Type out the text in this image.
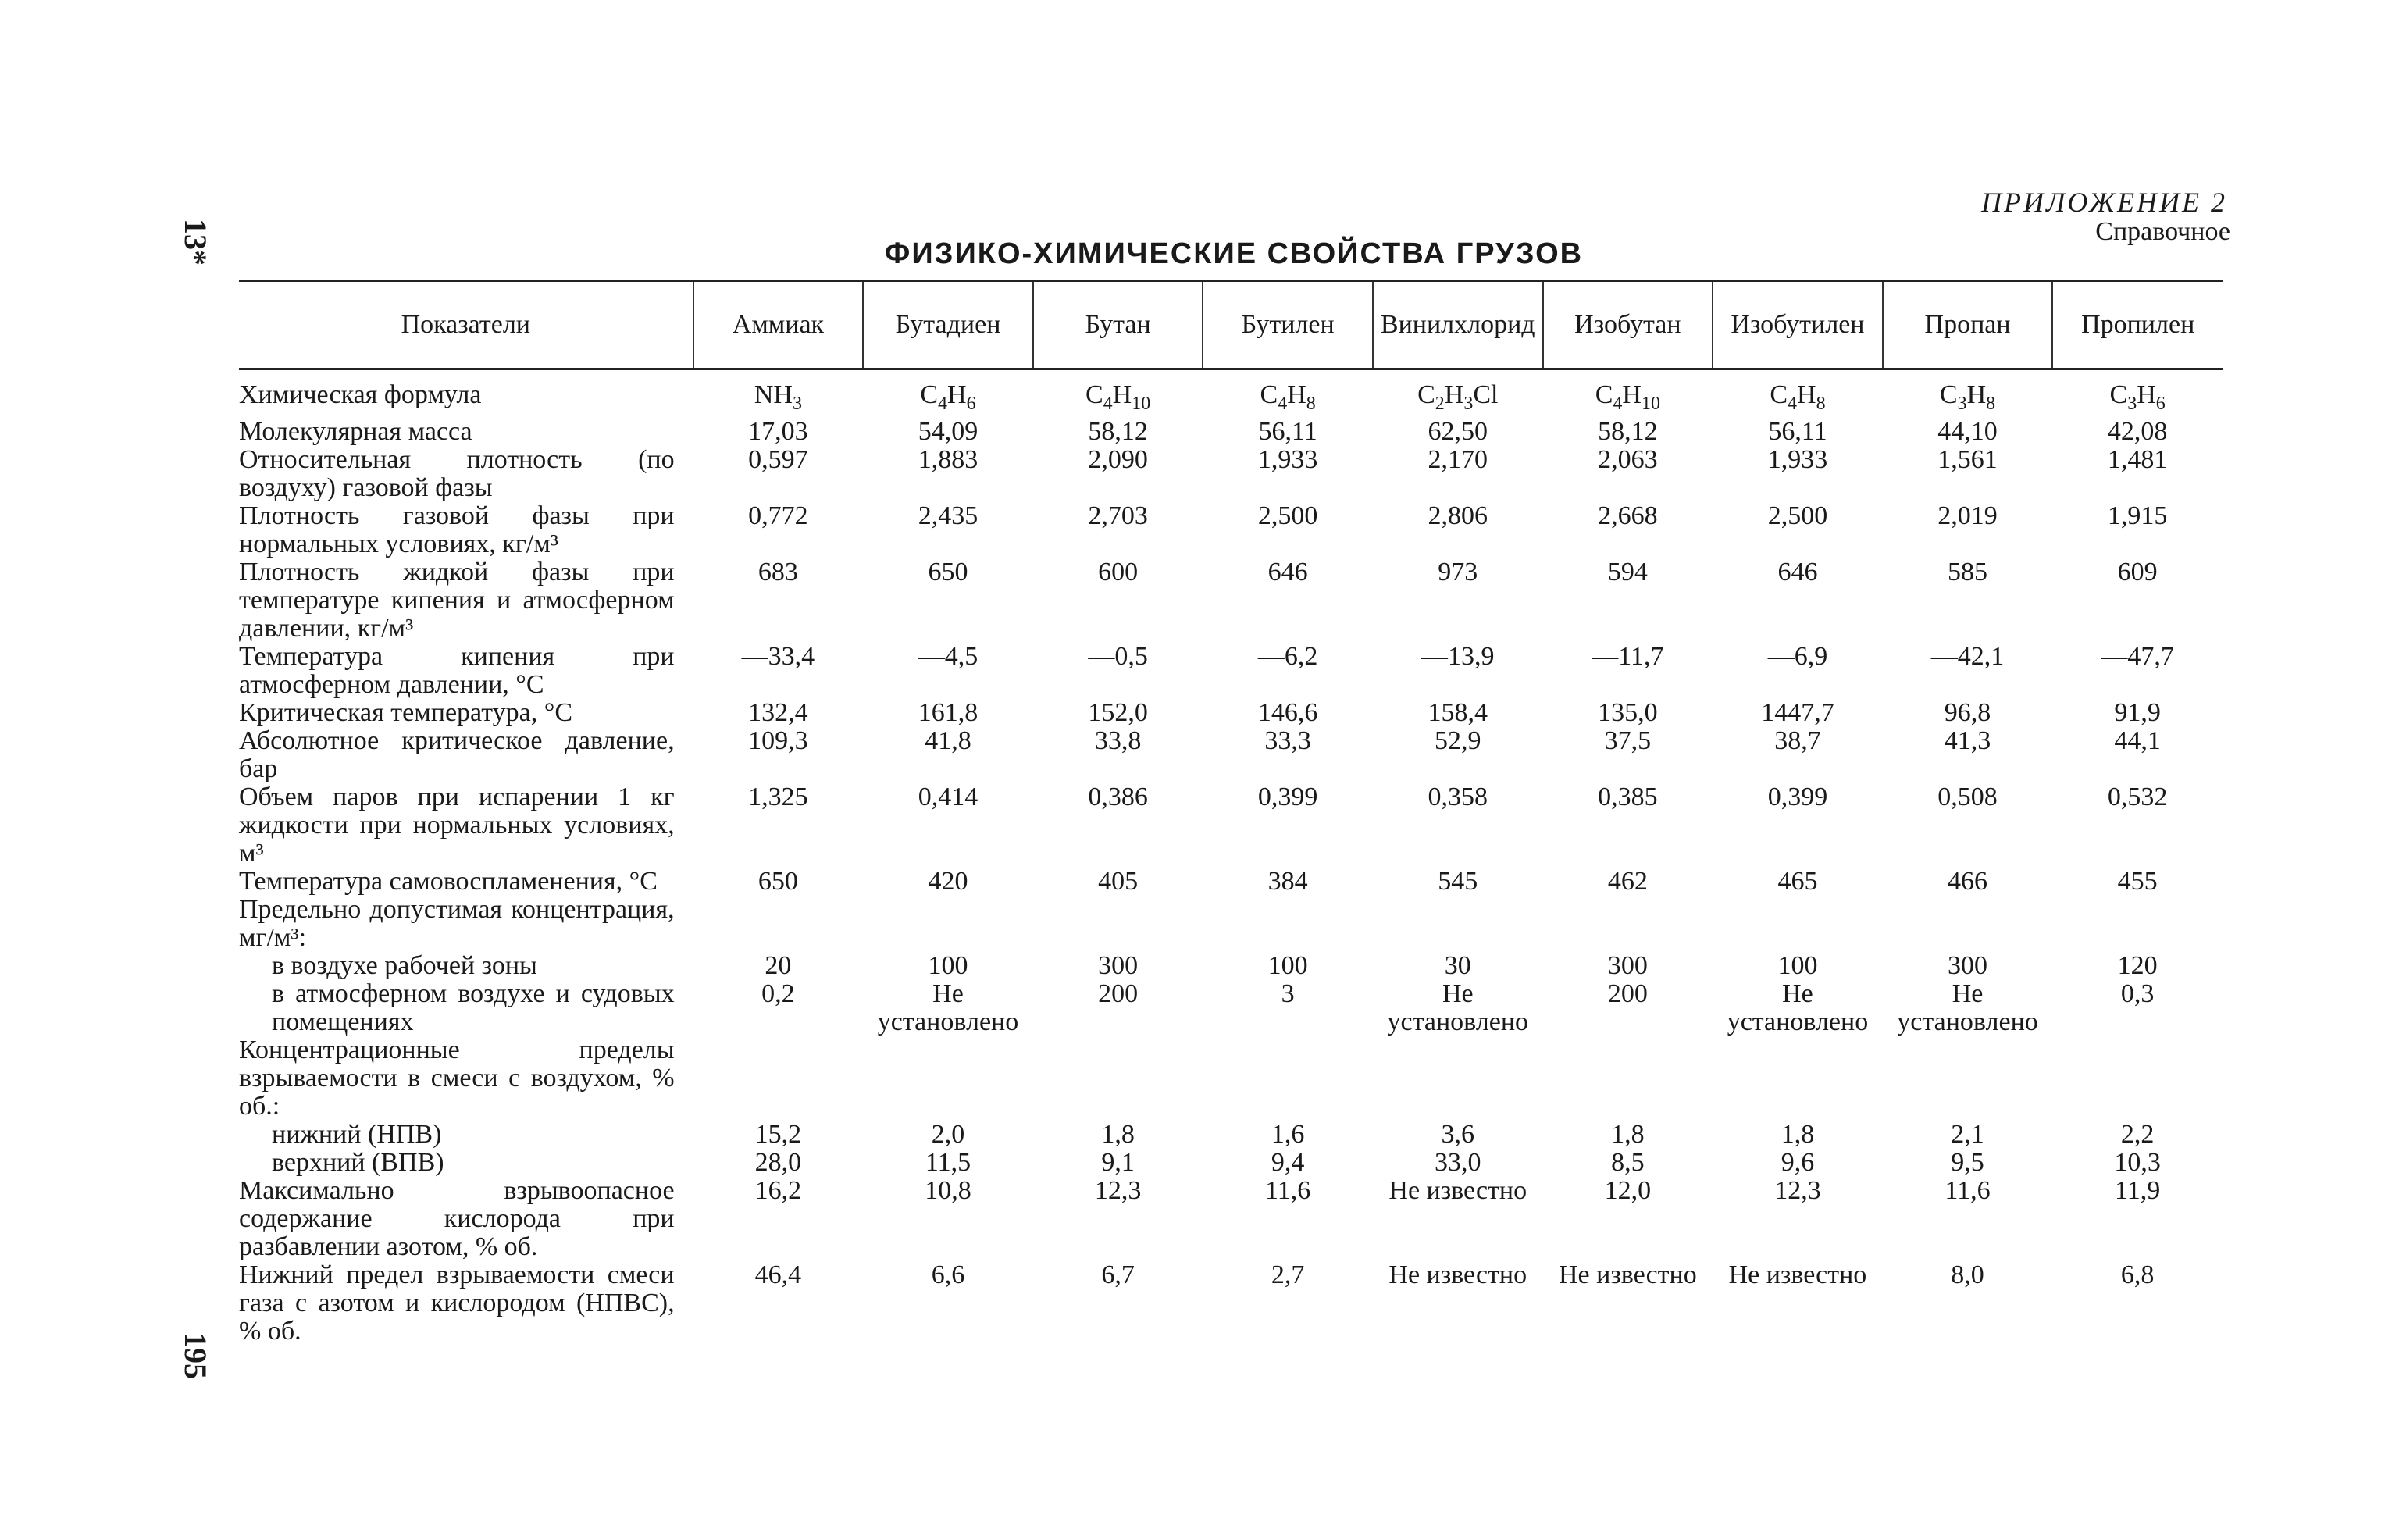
13*
ПРИЛОЖЕНИЕ 2
Справочное
ФИЗИКО-ХИМИЧЕСКИЕ СВОЙСТВА ГРУЗОВ
Показатели	Аммиак	Бутадиен	Бутан	Бутилен	Винилхлорид	Изобутан	Изобутилен	Пропан	Пропилен
Химическая формула	$NH_3$	$C_4H_6$	$C_4H_{10}$	$C_4H_8$	$C_2H_3Cl$	$C_4H_{10}$	$C_4H_8$	$C_3H_8$	$C_3H_6$
Молекулярная масса	17,03	54,09	58,12	56,11	62,50	58,12	56,11	44,10	42,08
Относительная плотность (по воздуху) газовой фазы	0,597	1,883	2,090	1,933	2,170	2,063	1,933	1,561	1,481
Плотность газовой фазы при нормальных условиях, кг/м³	0,772	2,435	2,703	2,500	2,806	2,668	2,500	2,019	1,915
Плотность жидкой фазы при температуре кипения и атмосферном давлении, кг/м³	683	650	600	646	973	594	646	585	609
Температура кипения при атмосферном давлении, °С	—33,4	—4,5	—0,5	—6,2	—13,9	—11,7	—6,9	—42,1	—47,7
Критическая температура, °С	132,4	161,8	152,0	146,6	158,4	135,0	1447,7	96,8	91,9
Абсолютное критическое давление, бар	109,3	41,8	33,8	33,3	52,9	37,5	38,7	41,3	44,1
Объем паров при испарении 1 кг жидкости при нормальных условиях, м³	1,325	0,414	0,386	0,399	0,358	0,385	0,399	0,508	0,532
Температура самовоспламенения, °С	650	420	405	384	545	462	465	466	455
Предельно допустимая концентрация, мг/м³:									
в воздухе рабочей зоны	20	100	300	100	30	300	100	300	120
в атмосферном воздухе и судовых помещениях	0,2	Не установлено	200	3	Не установлено	200	Не установлено	Не установлено	0,3
Концентрационные пределы взрываемости в смеси с воздухом, % об.:									
нижний (НПВ)	15,2	2,0	1,8	1,6	3,6	1,8	1,8	2,1	2,2
верхний (ВПВ)	28,0	11,5	9,1	9,4	33,0	8,5	9,6	9,5	10,3
Максимально взрывоопасное содержание кислорода при разбавлении азотом, % об.	16,2	10,8	12,3	11,6	Не известно	12,0	12,3	11,6	11,9
Нижний предел взрываемости смеси газа с азотом и кислородом (НПВС), % об.	46,4	6,6	6,7	2,7	Не известно	Не известно	Не известно	8,0	6,8
195
